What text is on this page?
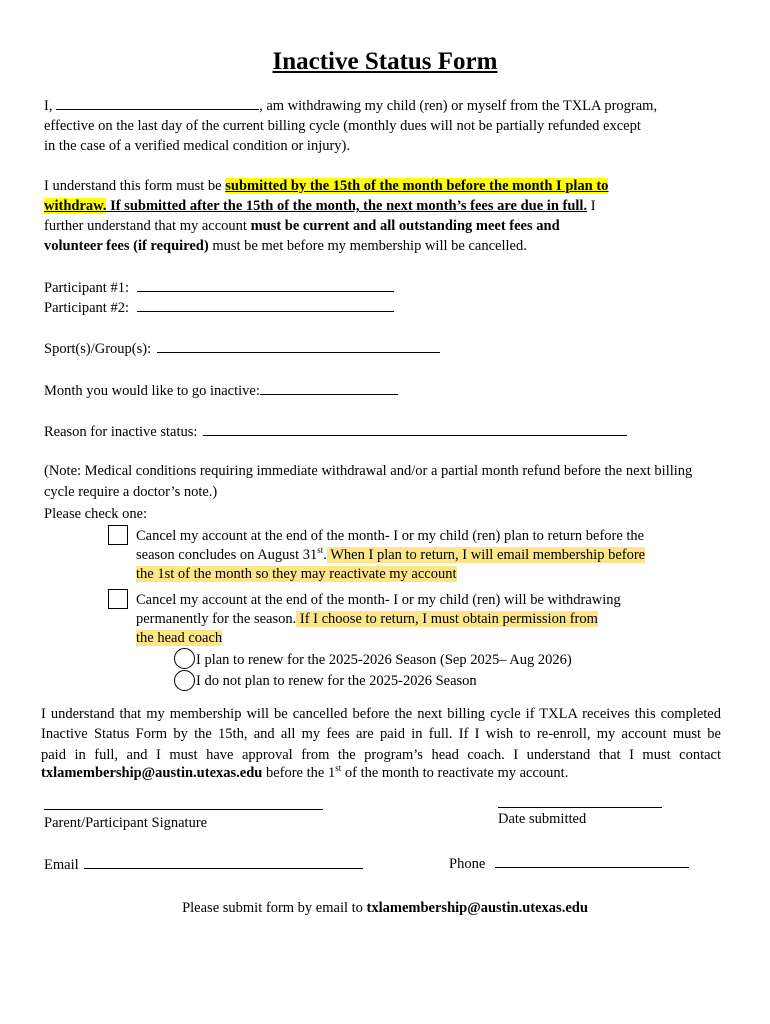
Inactive Status Form
I,	, am withdrawing my child (ren) or myself from the TXLA program,
effective on the last day of the current billing cycle (monthly dues will not be partially refunded except
in the case of a verified medical condition or injury).
I understand this form must be submitted by the 15th of the month before the month I plan to
withdraw. If submitted after the 15th of the month, the next month’s fees are due in full. I
further understand that my account must be current and all outstanding meet fees and
volunteer fees (if required) must be met before my membership will be cancelled.
Participant #1:
Participant #2:
Sport(s)/Group(s):
Month you would like to go inactive:
Reason for inactive status:
(Note: Medical conditions requiring immediate withdrawal and/or a partial month refund before the next billing
cycle require a doctor’s note.)
Please check one:
Cancel my account at the end of the month- I or my child (ren) plan to return before the
season concludes on August 31st. When I plan to return, I will email membership before
the 1st of the month so they may reactivate my account
Cancel my account at the end of the month- I or my child (ren) will be withdrawing
permanently for the season. If I choose to return, I must obtain permission from
the head coach
I plan to renew for the 2025-2026 Season (Sep 2025– Aug 2026)
I do not plan to renew for the 2025-2026 Season
I understand that my membership will be cancelled before the next billing cycle if TXLA receives this completed
Inactive Status Form by the 15th, and all my fees are paid in full. If I wish to re-enroll, my account must be
paid in full, and I must have approval from the program’s head coach. I understand that I must contact
txlamembership@austin.utexas.edu before the 1st of the month to reactivate my account.
Parent/Participant Signature	Date submitted
Email	Phone
Please submit form by email to txlamembership@austin.utexas.edu
